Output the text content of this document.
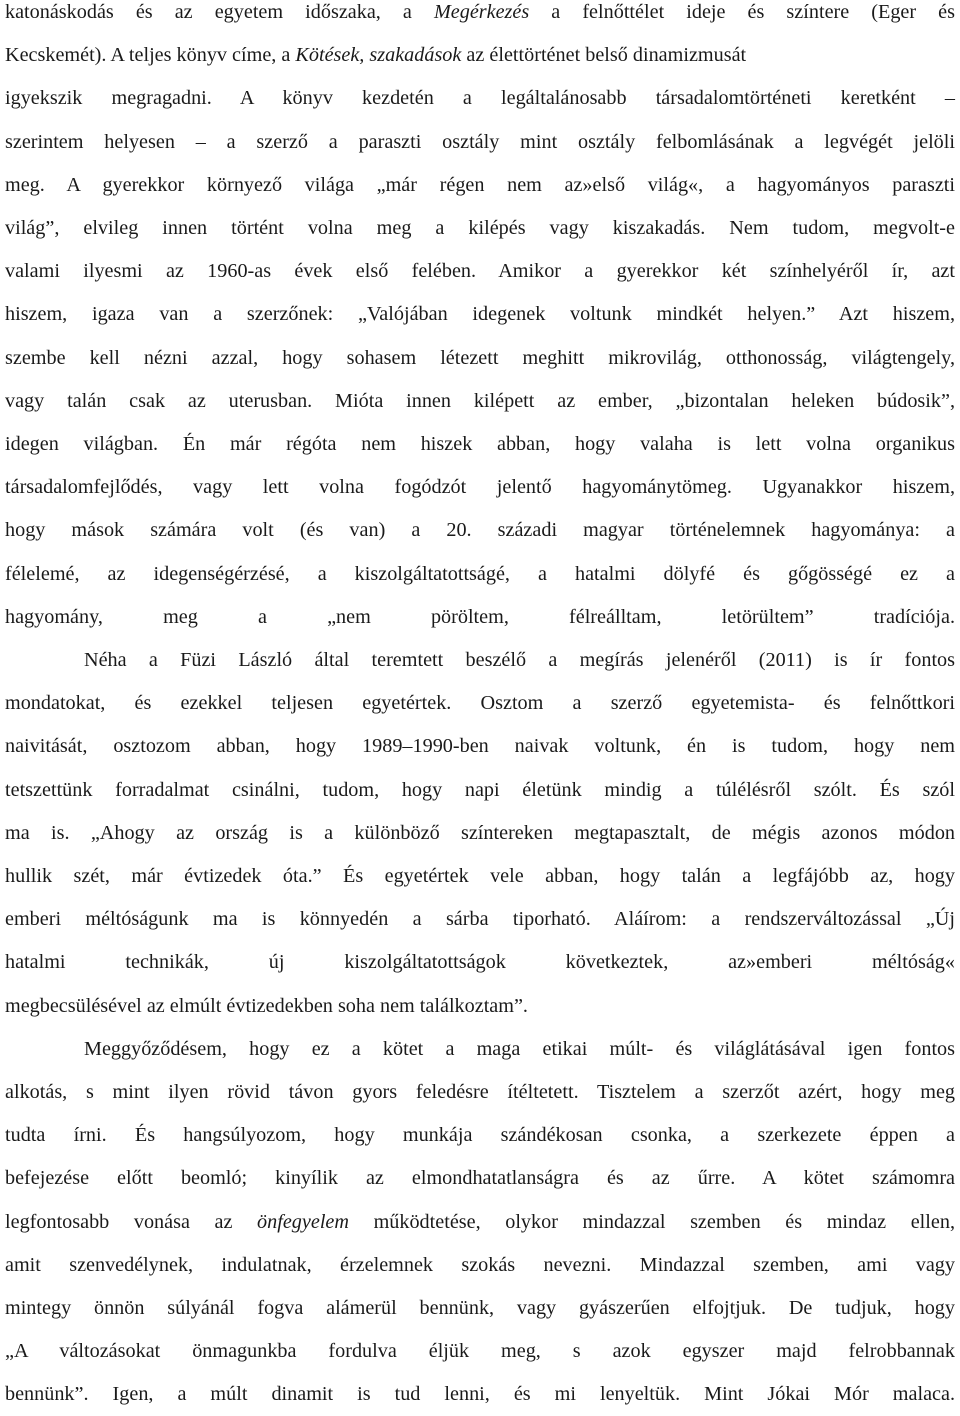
katonáskodás és az egyetem időszaka, a Megérkezés a felnőttélet ideje és színtere (Eger és

Kecskemét). A teljes könyv címe, a Kötések, szakadások az élettörténet belső dinamizmusát

igyekszik megragadni. A könyv kezdetén a legáltalánosabb társadalomtörténeti keretként –

szerintem helyesen – a szerző a paraszti osztály mint osztály felbomlásának a legvégét jelöli

meg. A gyerekkor környező világa „már régen nem az»első világ«, a hagyományos paraszti

világ”, elvileg innen történt volna meg a kilépés vagy kiszakadás. Nem tudom, megvolt-e

valami ilyesmi az 1960-as évek első felében. Amikor a gyerekkor két színhelyéről ír, azt

hiszem, igaza van a szerzőnek: „Valójában idegenek voltunk mindkét helyen.” Azt hiszem,

szembe kell nézni azzal, hogy sohasem létezett meghitt mikrovilág, otthonosság, világtengely,

vagy talán csak az uterusban. Mióta innen kilépett az ember, „bizontalan heleken búdosik”,

idegen világban. Én már régóta nem hiszek abban, hogy valaha is lett volna organikus

társadalomfejlődés, vagy lett volna fogódzót jelentő hagyománytömeg. Ugyanakkor hiszem,

hogy mások számára volt (és van) a 20. századi magyar történelemnek hagyománya: a

félelemé, az idegenségérzésé, a kiszolgáltatottságé, a hatalmi dölyfé és gőgösségé ez a

hagyomány, meg a „nem pöröltem, félreálltam, letörültem” tradíciója.

Néha a Füzi László által teremtett beszélő a megírás jelenéről (2011) is ír fontos

mondatokat, és ezekkel teljesen egyetértek. Osztom a szerző egyetemista- és felnőttkori

naivitását, osztozom abban, hogy 1989–1990-ben naivak voltunk, én is tudom, hogy nem

tetszettünk forradalmat csinálni, tudom, hogy napi életünk mindig a túlélésről szólt. És szól

ma is. „Ahogy az ország is a különböző színtereken megtapasztalt, de mégis azonos módon

hullik szét, már évtizedek óta.” És egyetértek vele abban, hogy talán a legfájóbb az, hogy

emberi méltóságunk ma is könnyedén a sárba tiporható. Aláírom: a rendszerváltozással „Új

hatalmi technikák, új kiszolgáltatottságok következtek, az»emberi méltóság«

megbecsülésével az elmúlt évtizedekben soha nem találkoztam”.

Meggyőződésem, hogy ez a kötet a maga etikai múlt- és világlátásával igen fontos

alkotás, s mint ilyen rövid távon gyors feledésre ítéltetett. Tisztelem a szerzőt azért, hogy meg

tudta írni. És hangsúlyozom, hogy munkája szándékosan csonka, a szerkezete éppen a

befejezése előtt beomló; kinyílik az elmondhatatlanságra és az űrre. A kötet számomra

legfontosabb vonása az önfegyelem működtetése, olykor mindazzal szemben és mindaz ellen,

amit szenvedélynek, indulatnak, érzelemnek szokás nevezni. Mindazzal szemben, ami vagy

mintegy önnön súlyánál fogva alámerül bennünk, vagy gyászerűen elfojtjuk. De tudjuk, hogy

„A változásokat önmagunkba fordulva éljük meg, s azok egyszer majd felrobbannak

bennünk”. Igen, a múlt dinamit is tud lenni, és mi lenyeltük. Mint Jókai Mór malaca.
